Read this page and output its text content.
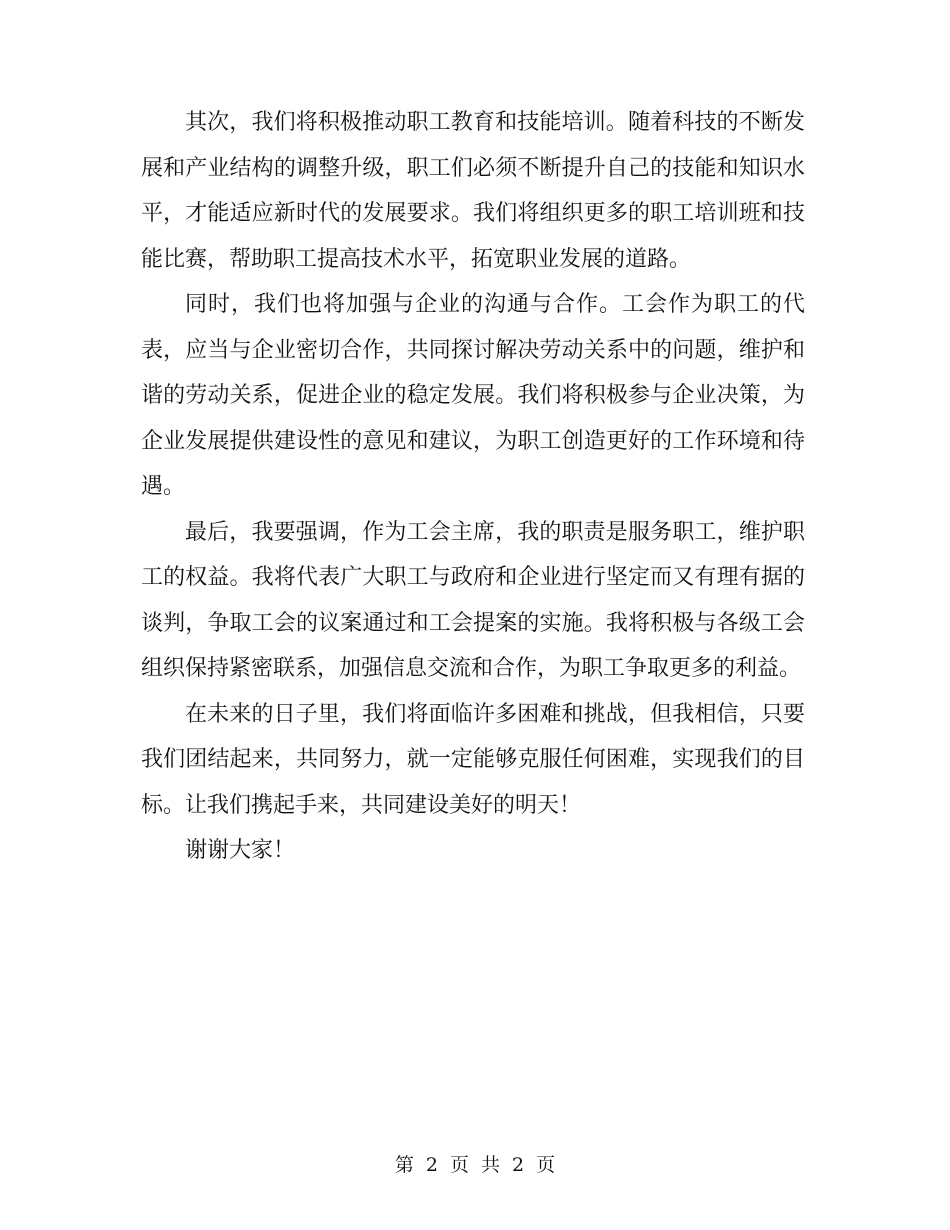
其次，我们将积极推动职工教育和技能培训。随着科技的不断发展和产业结构的调整升级，职工们必须不断提升自己的技能和知识水平，才能适应新时代的发展要求。我们将组织更多的职工培训班和技能比赛，帮助职工提高技术水平，拓宽职业发展的道路。

同时，我们也将加强与企业的沟通与合作。工会作为职工的代表，应当与企业密切合作，共同探讨解决劳动关系中的问题，维护和谐的劳动关系，促进企业的稳定发展。我们将积极参与企业决策，为企业发展提供建设性的意见和建议，为职工创造更好的工作环境和待遇。

最后，我要强调，作为工会主席，我的职责是服务职工，维护职工的权益。我将代表广大职工与政府和企业进行坚定而又有理有据的谈判，争取工会的议案通过和工会提案的实施。我将积极与各级工会组织保持紧密联系，加强信息交流和合作，为职工争取更多的利益。

在未来的日子里，我们将面临许多困难和挑战，但我相信，只要我们团结起来，共同努力，就一定能够克服任何困难，实现我们的目标。让我们携起手来，共同建设美好的明天！

谢谢大家！

第 2 页 共 2 页
